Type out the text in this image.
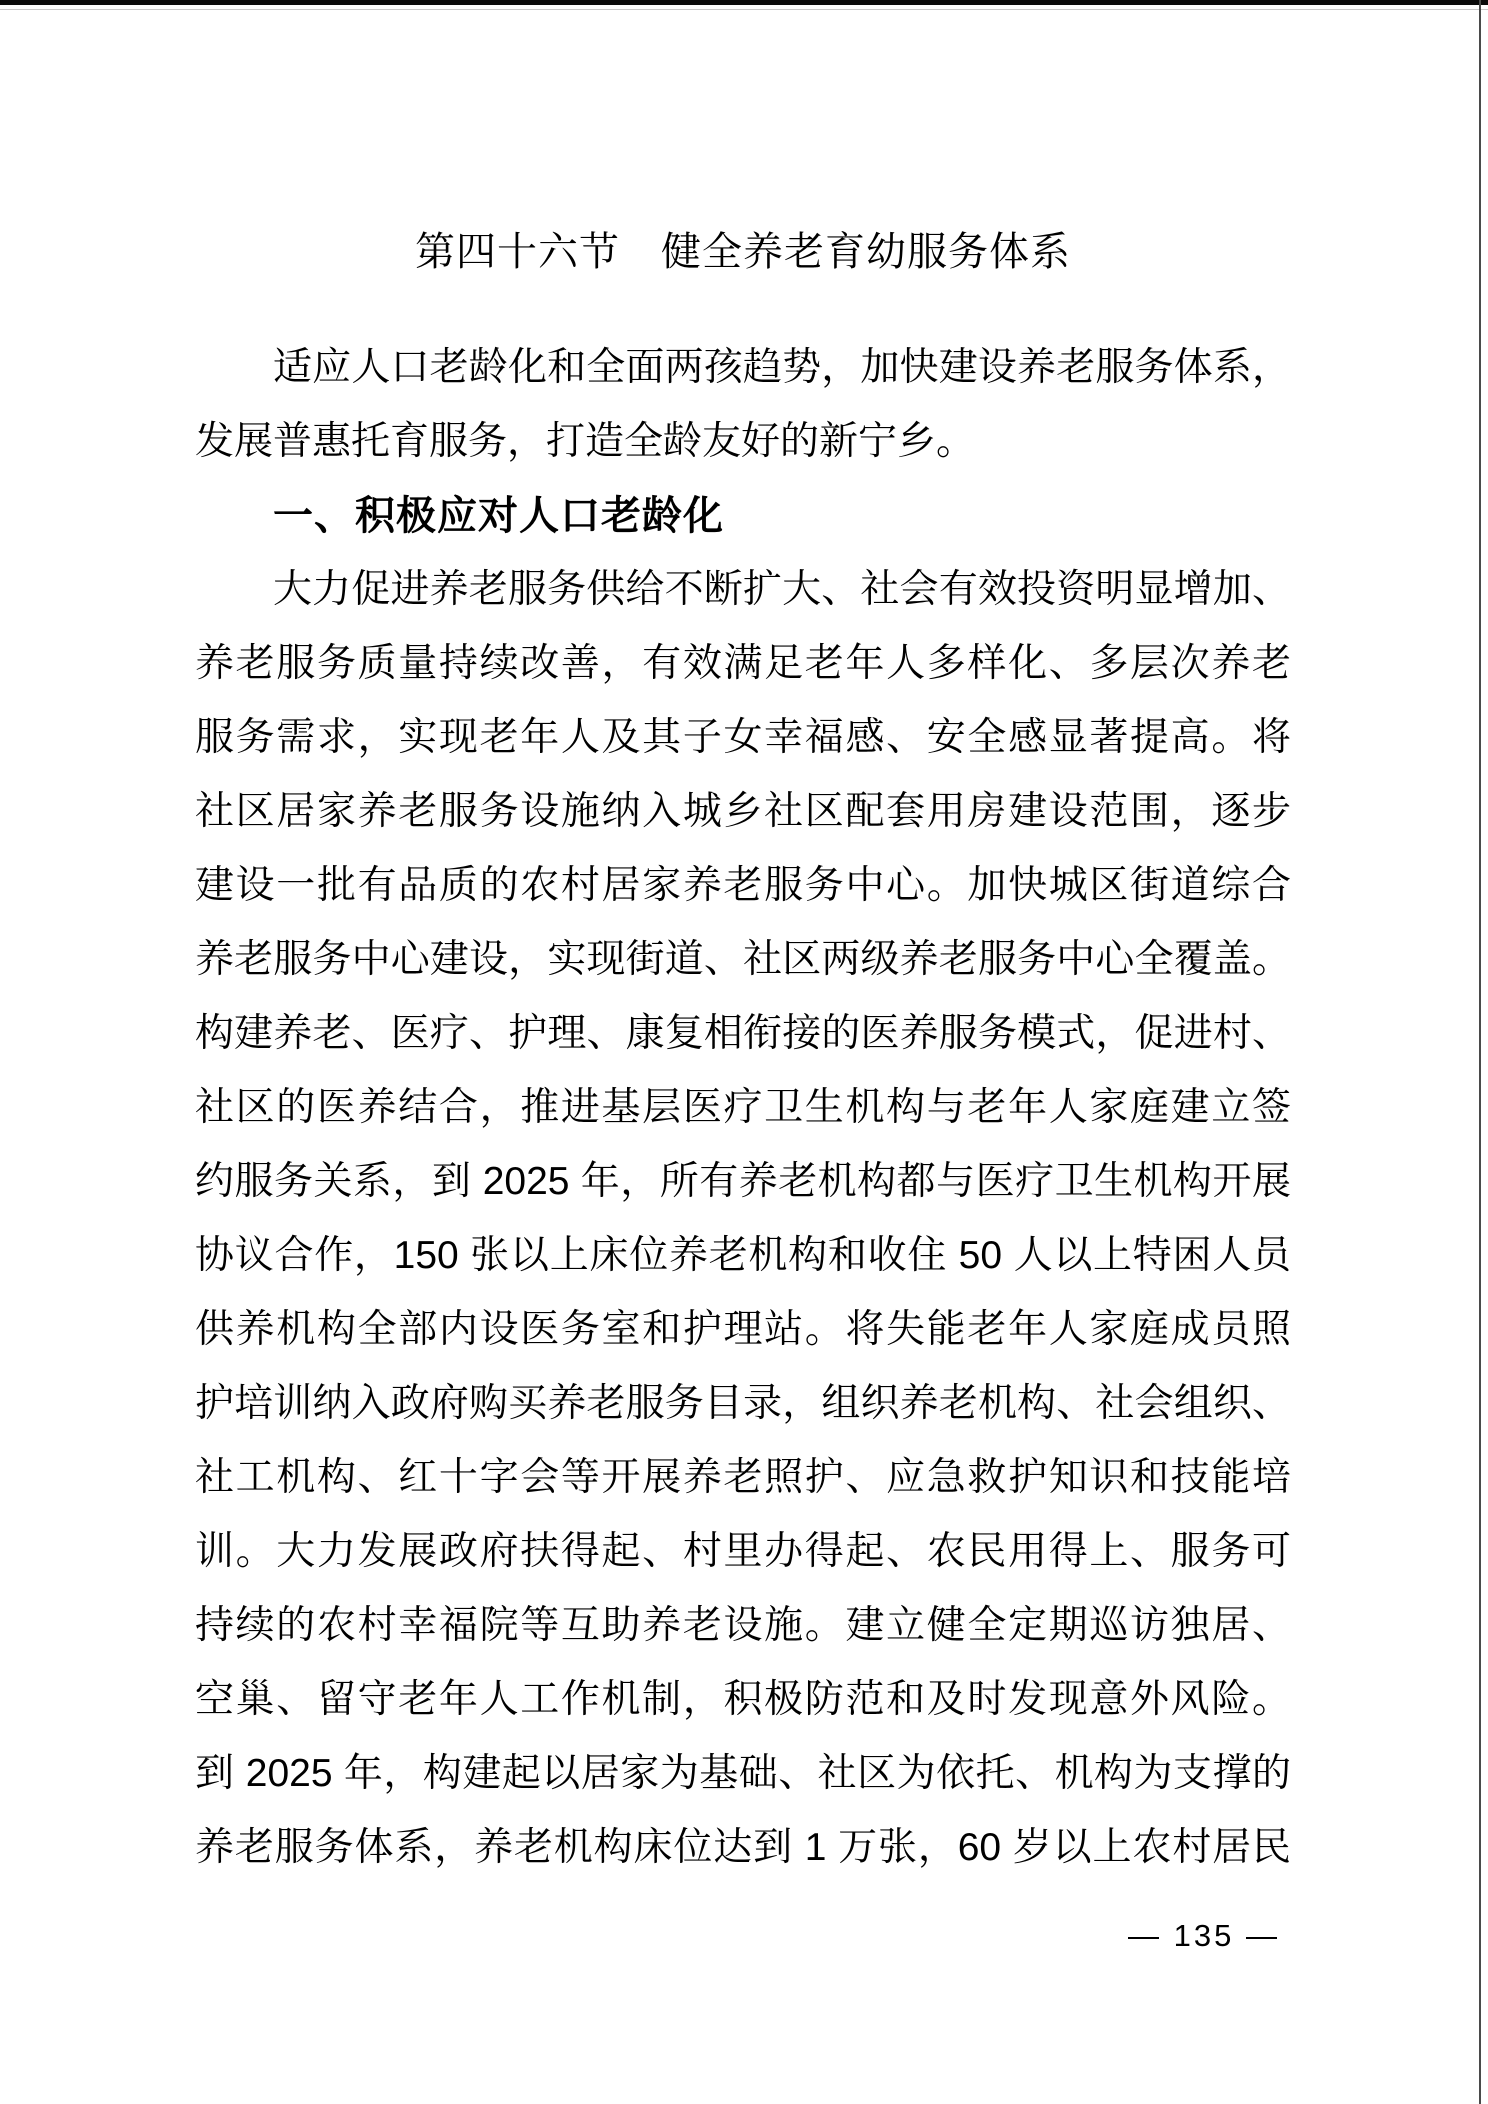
第四十六节　健全养老育幼服务体系
适应人口老龄化和全面两孩趋势，加快建设养老服务体系，
发展普惠托育服务，打造全龄友好的新宁乡。
一、积极应对人口老龄化
大力促进养老服务供给不断扩大、社会有效投资明显增加、
养老服务质量持续改善，有效满足老年人多样化、多层次养老
服务需求，实现老年人及其子女幸福感、安全感显著提高。将
社区居家养老服务设施纳入城乡社区配套用房建设范围，逐步
建设一批有品质的农村居家养老服务中心。加快城区街道综合
养老服务中心建设，实现街道、社区两级养老服务中心全覆盖。
构建养老、医疗、护理、康复相衔接的医养服务模式，促进村、
社区的医养结合，推进基层医疗卫生机构与老年人家庭建立签
约服务关系，到 2025 年，所有养老机构都与医疗卫生机构开展
协议合作，150 张以上床位养老机构和收住 50 人以上特困人员
供养机构全部内设医务室和护理站。将失能老年人家庭成员照
护培训纳入政府购买养老服务目录，组织养老机构、社会组织、
社工机构、红十字会等开展养老照护、应急救护知识和技能培
训。大力发展政府扶得起、村里办得起、农民用得上、服务可
持续的农村幸福院等互助养老设施。建立健全定期巡访独居、
空巢、留守老年人工作机制，积极防范和及时发现意外风险。
到 2025 年，构建起以居家为基础、社区为依托、机构为支撑的
养老服务体系，养老机构床位达到 1 万张，60 岁以上农村居民
— 135 —
